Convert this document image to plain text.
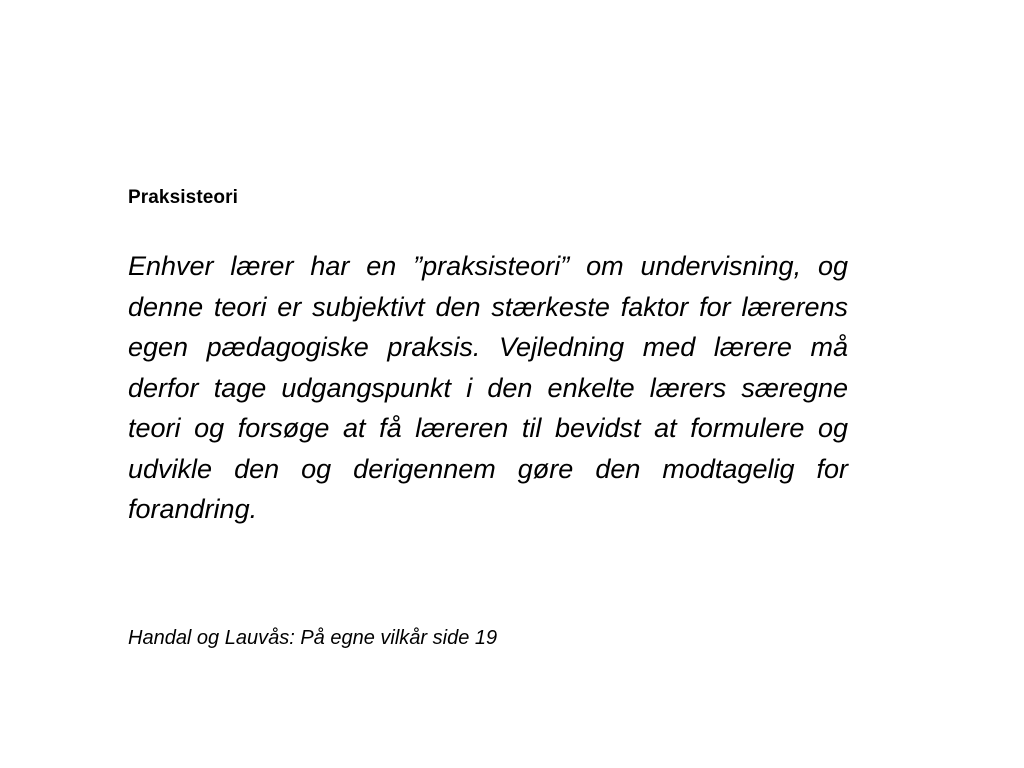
Praksisteori
Enhver lærer har en ”praksisteori” om undervisning, og denne teori er subjektivt den stærkeste faktor for lærerens egen pædagogiske praksis. Vejledning med lærere må derfor tage udgangspunkt i den enkelte lærers særegne teori og forsøge at få læreren til bevidst at formulere og udvikle den og derigennem gøre den modtagelig for forandring.
Handal og Lauvås: På egne vilkår side 19
